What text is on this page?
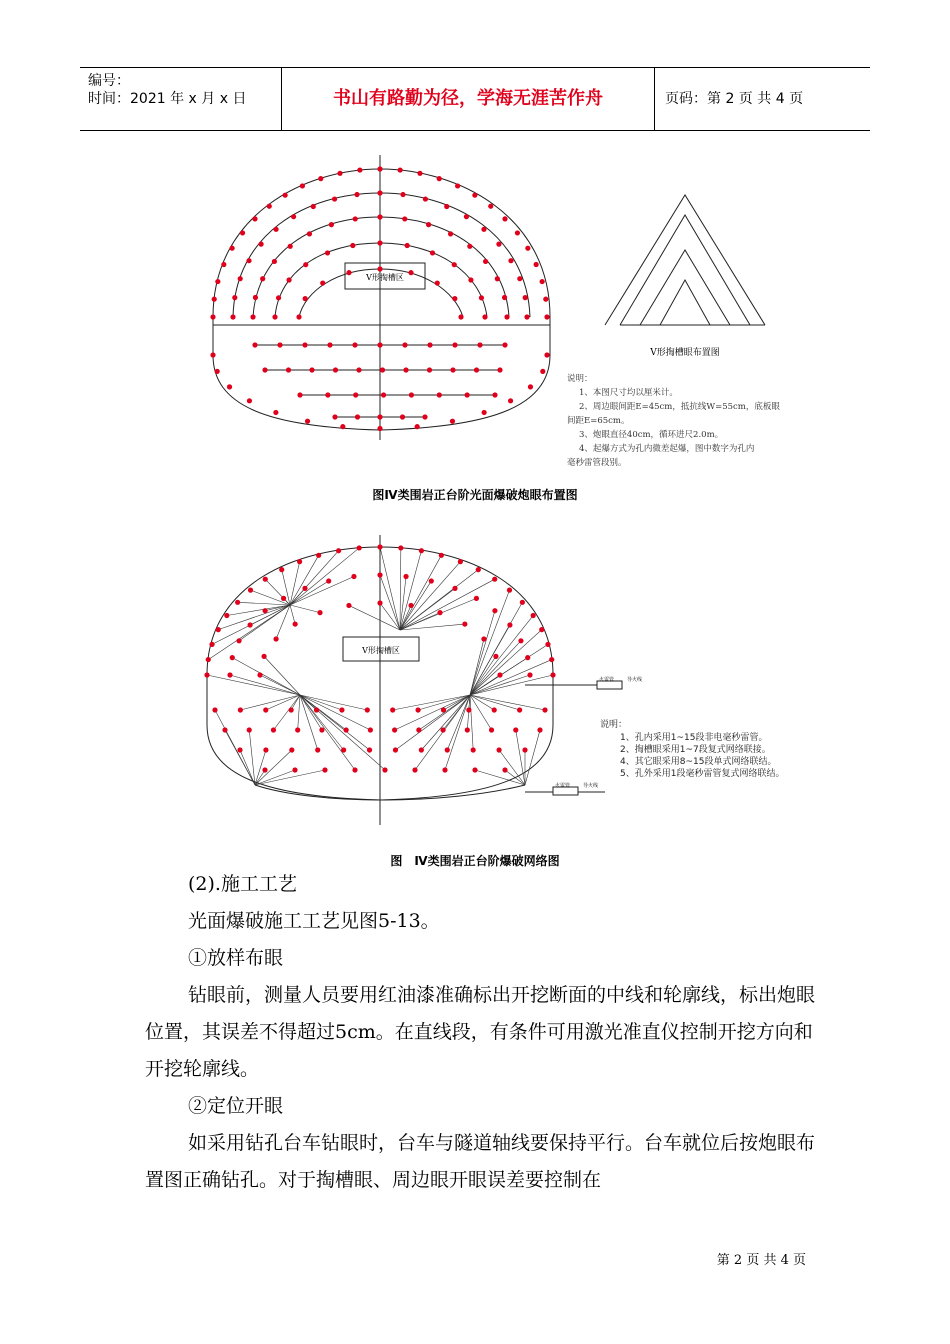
编号：
时间：2021 年 x 月 x 日	书山有路勤为径，学海无涯苦作舟	页码：第 2 页 共 4 页
V形掏槽区
V形掏槽眼布置图
说明：
1、本图尺寸均以厘米计。
2、周边眼间距E=45cm，抵抗线W=55cm，底板眼
间距E=65cm。
3、炮眼直径40cm，循环进尺2.0m。
4、起爆方式为孔内微差起爆，图中数字为孔内
毫秒雷管段别。
图Ⅳ类围岩正台阶光面爆破炮眼布置图
V形掏槽区
火雷管	导火线
火雷管	导火线
说明：
1、孔内采用1~15段非电毫秒雷管。
2、掏槽眼采用1~7段复式网络联接。
4、其它眼采用8~15段单式网络联结。
5、孔外采用1段毫秒雷管复式网络联结。
图　Ⅳ类围岩正台阶爆破网络图

(2).施工工艺

光面爆破施工工艺见图5-13。

①放样布眼

钻眼前，测量人员要用红油漆准确标出开挖断面的中线和轮廓线，标出炮眼位置，其误差不得超过5cm。在直线段，有条件可用激光准直仪控制开挖方向和开挖轮廓线。

②定位开眼

如采用钻孔台车钻眼时，台车与隧道轴线要保持平行。台车就位后按炮眼布置图正确钻孔。对于掏槽眼、周边眼开眼误差要控制在

第 2 页 共 4 页
